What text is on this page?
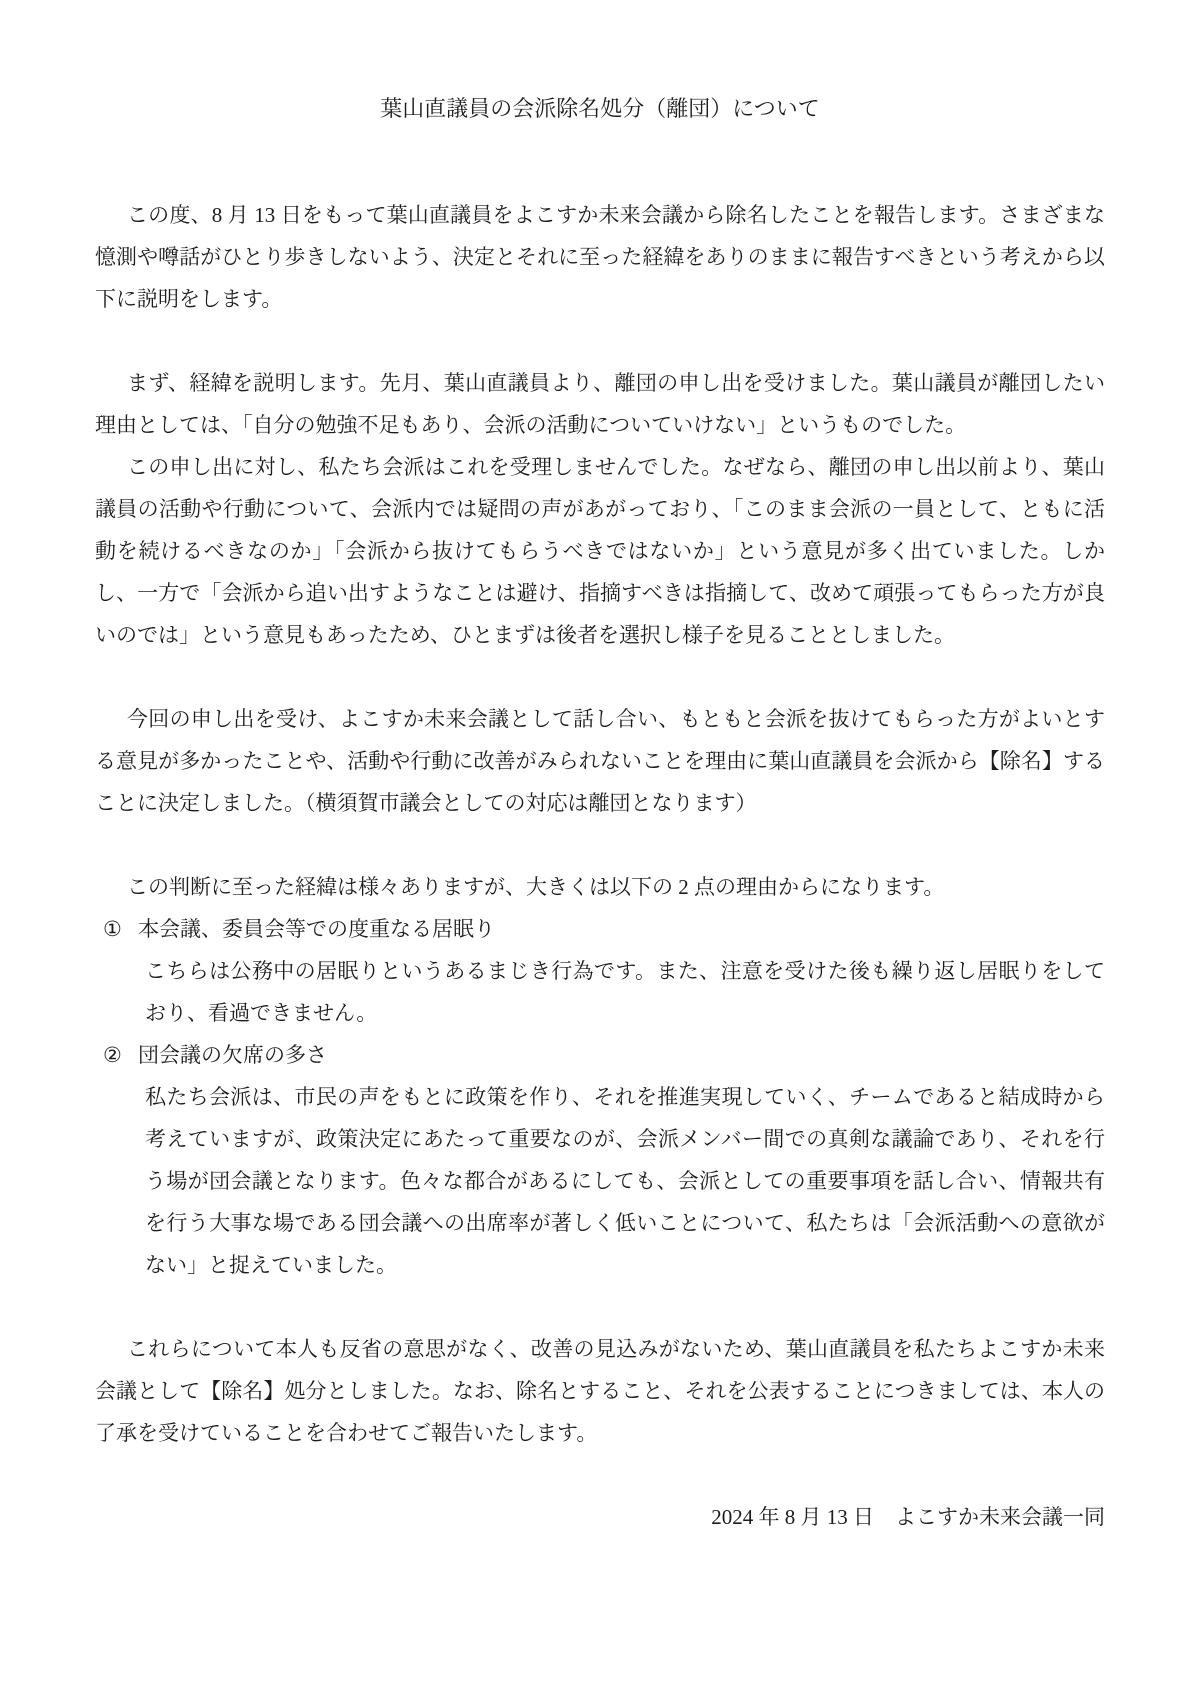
葉山直議員の会派除名処分（離団）について

この度、8 月 13 日をもって葉山直議員をよこすか未来会議から除名したことを報告します。さまざまな憶測や噂話がひとり歩きしないよう、決定とそれに至った経緯をありのままに報告すべきという考えから以下に説明をします。

まず、経緯を説明します。先月、葉山直議員より、離団の申し出を受けました。葉山議員が離団したい理由としては、「自分の勉強不足もあり、会派の活動についていけない」というものでした。

この申し出に対し、私たち会派はこれを受理しませんでした。なぜなら、離団の申し出以前より、葉山議員の活動や行動について、会派内では疑問の声があがっており、「このまま会派の一員として、ともに活動を続けるべきなのか」「会派から抜けてもらうべきではないか」という意見が多く出ていました。しかし、一方で「会派から追い出すようなことは避け、指摘すべきは指摘して、改めて頑張ってもらった方が良いのでは」という意見もあったため、ひとまずは後者を選択し様子を見ることとしました。

今回の申し出を受け、よこすか未来会議として話し合い、もともと会派を抜けてもらった方がよいとする意見が多かったことや、活動や行動に改善がみられないことを理由に葉山直議員を会派から【除名】することに決定しました。（横須賀市議会としての対応は離団となります）

この判断に至った経緯は様々ありますが、大きくは以下の 2 点の理由からになります。

① 本会議、委員会等での度重なる居眠り

こちらは公務中の居眠りというあるまじき行為です。また、注意を受けた後も繰り返し居眠りをしており、看過できません。

② 団会議の欠席の多さ

私たち会派は、市民の声をもとに政策を作り、それを推進実現していく、チームであると結成時から考えていますが、政策決定にあたって重要なのが、会派メンバー間での真剣な議論であり、それを行う場が団会議となります。色々な都合があるにしても、会派としての重要事項を話し合い、情報共有を行う大事な場である団会議への出席率が著しく低いことについて、私たちは「会派活動への意欲がない」と捉えていました。

これらについて本人も反省の意思がなく、改善の見込みがないため、葉山直議員を私たちよこすか未来会議として【除名】処分としました。なお、除名とすること、それを公表することにつきましては、本人の了承を受けていることを合わせてご報告いたします。

2024 年 8 月 13 日　よこすか未来会議一同
